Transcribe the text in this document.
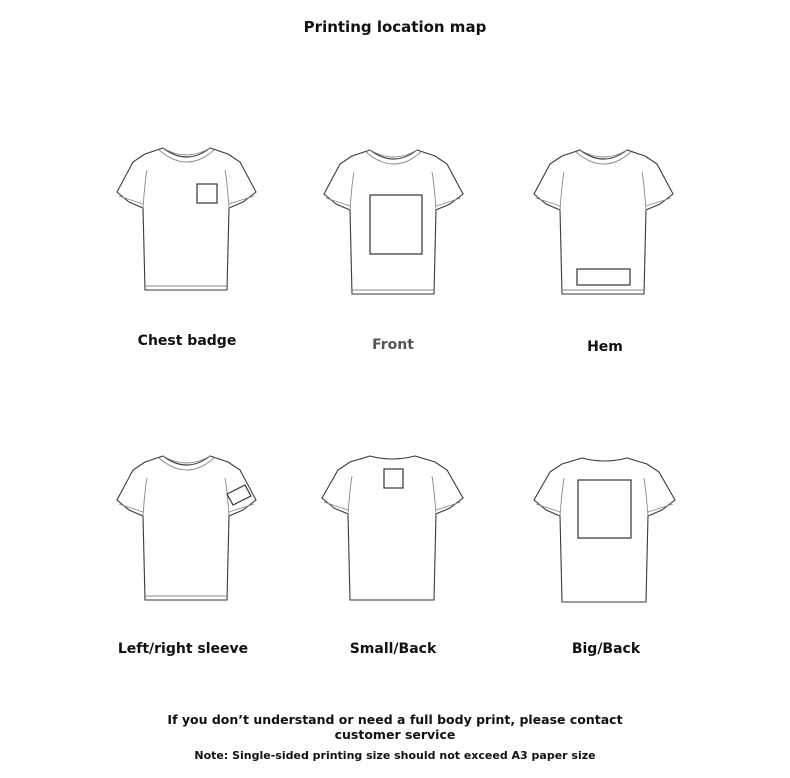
Printing location map
Chest badge	Front	Hem
Left/right sleeve	Small/Back	Big/Back
If you don’t understand or need a full body print, please contact
customer service
Note: Single-sided printing size should not exceed A3 paper size
